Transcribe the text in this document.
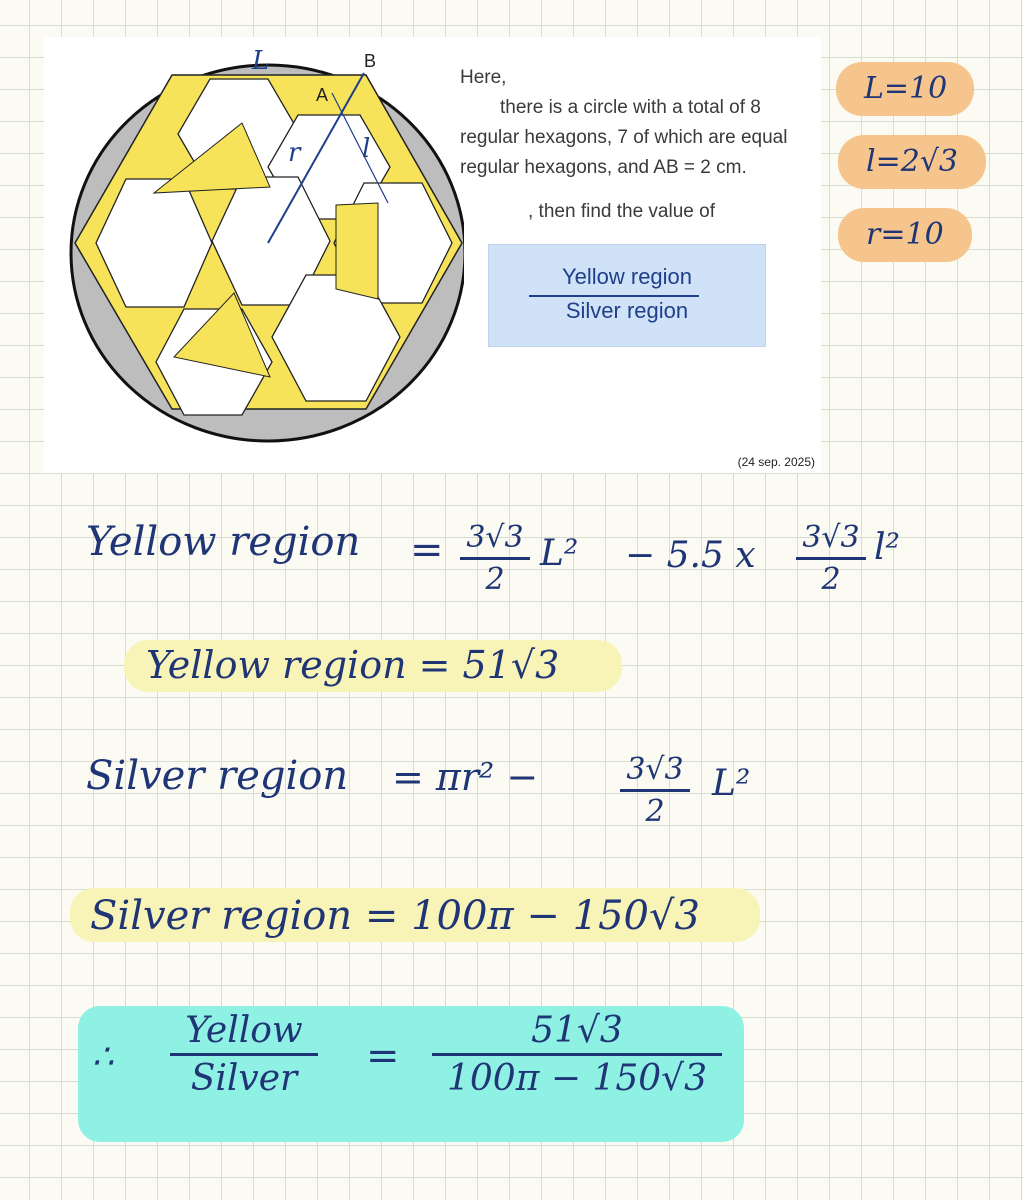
L
A
B
r l
Here,
there is a circle with a total of 8 regular hexagons, 7 of which are equal regular hexagons, and AB = 2 cm.
, then find the value of
Yellow region
Silver region
(24 sep. 2025)
L=10
l=2√3
r=10
Yellow region = 3√3
2
L² − 5.5 x 3√3
2
l²
Yellow region = 51√3
Silver region = πr² −	3√3
2
L²
Silver region = 100π − 150√3
∴
Yellow
Silver	=
51√3
100π − 150√3
